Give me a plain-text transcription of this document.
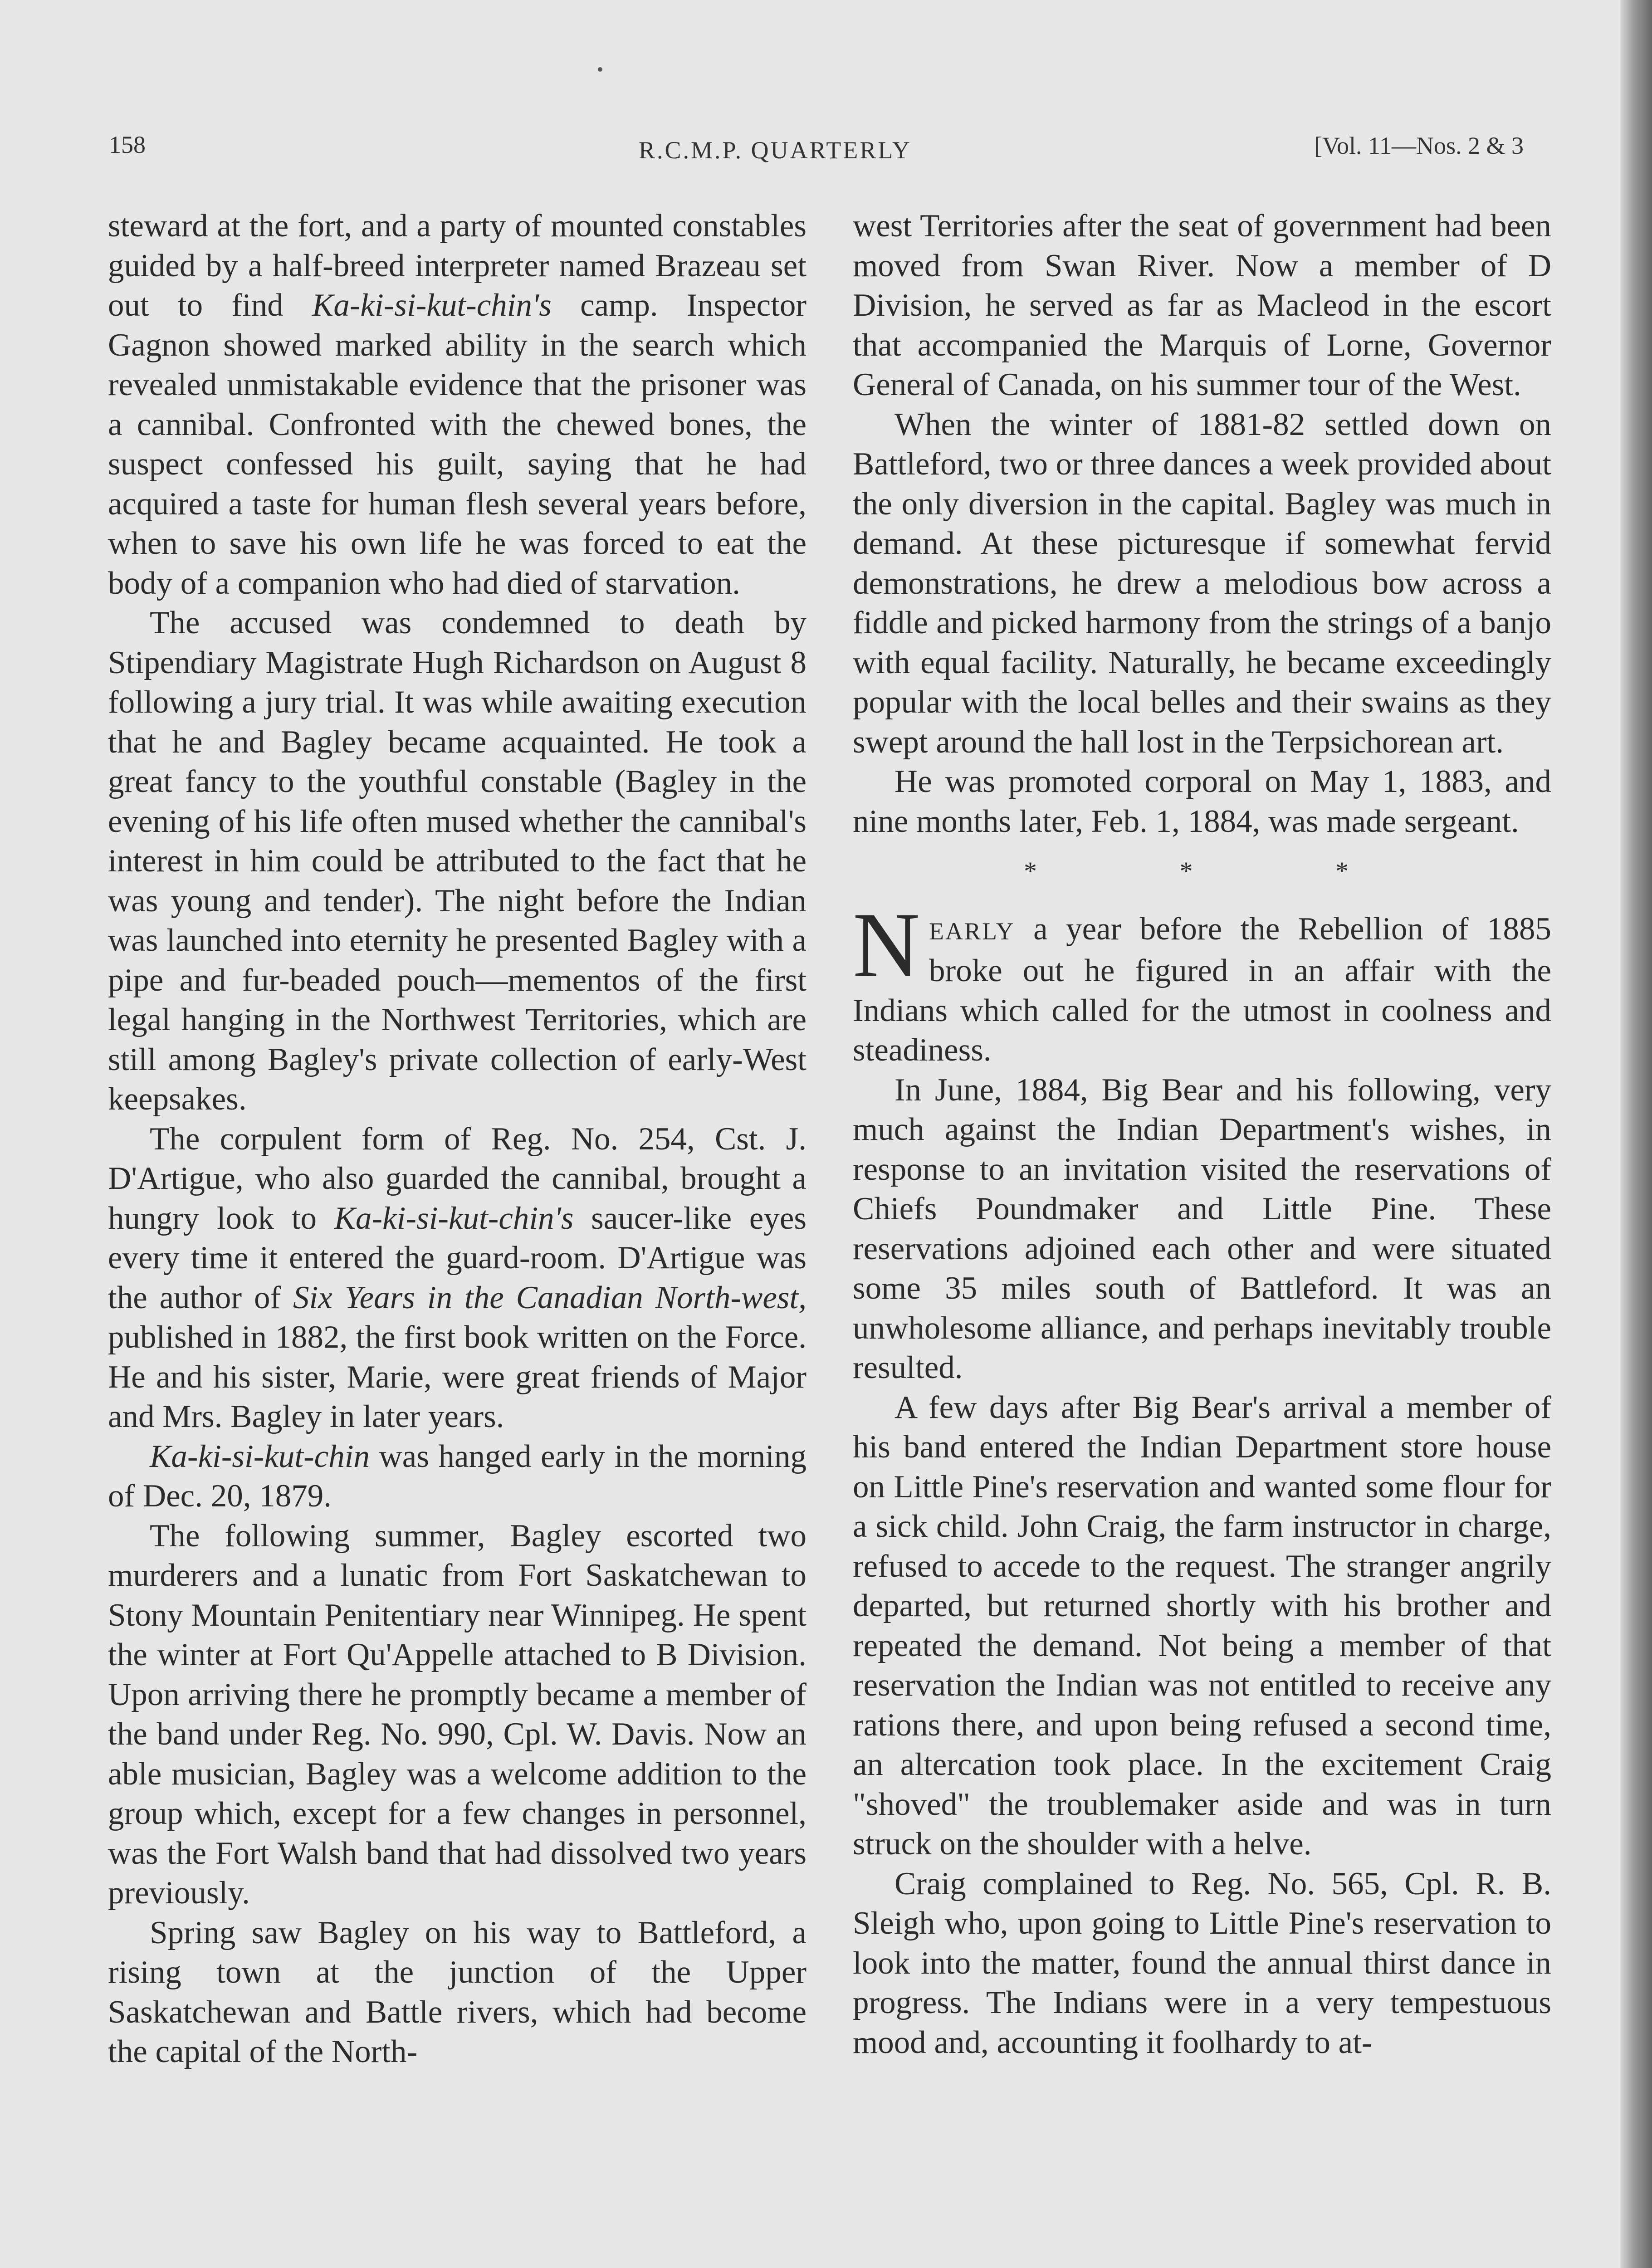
158	R.C.M.P. QUARTERLY	[Vol. 11—Nos. 2 & 3

steward at the fort, and a party of mounted constables guided by a half-breed interpreter named Brazeau set out to find Ka-ki-si-kut-chin's camp. Inspector Gagnon showed marked ability in the search which revealed unmistakable evidence that the prisoner was a cannibal. Confronted with the chewed bones, the suspect confessed his guilt, saying that he had acquired a taste for human flesh several years before, when to save his own life he was forced to eat the body of a companion who had died of starvation.

The accused was condemned to death by Stipendiary Magistrate Hugh Richardson on August 8 following a jury trial. It was while awaiting execution that he and Bagley became acquainted. He took a great fancy to the youthful constable (Bagley in the evening of his life often mused whether the cannibal's interest in him could be attributed to the fact that he was young and tender). The night before the Indian was launched into eternity he presented Bagley with a pipe and fur-beaded pouch—mementos of the first legal hanging in the Northwest Territories, which are still among Bagley's private collection of early-West keepsakes.

The corpulent form of Reg. No. 254, Cst. J. D'Artigue, who also guarded the cannibal, brought a hungry look to Ka-ki-si-kut-chin's saucer-like eyes every time it entered the guard-room. D'Artigue was the author of Six Years in the Canadian North-west, published in 1882, the first book written on the Force. He and his sister, Marie, were great friends of Major and Mrs. Bagley in later years.

Ka-ki-si-kut-chin was hanged early in the morning of Dec. 20, 1879.

The following summer, Bagley escorted two murderers and a lunatic from Fort Saskatchewan to Stony Mountain Penitentiary near Winnipeg. He spent the winter at Fort Qu'Appelle attached to B Division. Upon arriving there he promptly became a member of the band under Reg. No. 990, Cpl. W. Davis. Now an able musician, Bagley was a welcome addition to the group which, except for a few changes in personnel, was the Fort Walsh band that had dissolved two years previously.

Spring saw Bagley on his way to Battleford, a rising town at the junction of the Upper Saskatchewan and Battle rivers, which had become the capital of the North-

west Territories after the seat of government had been moved from Swan River. Now a member of D Division, he served as far as Macleod in the escort that accompanied the Marquis of Lorne, Governor General of Canada, on his summer tour of the West.

When the winter of 1881-82 settled down on Battleford, two or three dances a week provided about the only diversion in the capital. Bagley was much in demand. At these picturesque if somewhat fervid demonstrations, he drew a melodious bow across a fiddle and picked harmony from the strings of a banjo with equal facility. Naturally, he became exceedingly popular with the local belles and their swains as they swept around the hall lost in the Terpsichorean art.

He was promoted corporal on May 1, 1883, and nine months later, Feb. 1, 1884, was made sergeant.

* * *

NEARLY a year before the Rebellion of 1885 broke out he figured in an affair with the Indians which called for the utmost in coolness and steadiness.

In June, 1884, Big Bear and his following, very much against the Indian Department's wishes, in response to an invitation visited the reservations of Chiefs Poundmaker and Little Pine. These reservations adjoined each other and were situated some 35 miles south of Battleford. It was an unwholesome alliance, and perhaps inevitably trouble resulted.

A few days after Big Bear's arrival a member of his band entered the Indian Department store house on Little Pine's reservation and wanted some flour for a sick child. John Craig, the farm instructor in charge, refused to accede to the request. The stranger angrily departed, but returned shortly with his brother and repeated the demand. Not being a member of that reservation the Indian was not entitled to receive any rations there, and upon being refused a second time, an altercation took place. In the excitement Craig "shoved" the troublemaker aside and was in turn struck on the shoulder with a helve.

Craig complained to Reg. No. 565, Cpl. R. B. Sleigh who, upon going to Little Pine's reservation to look into the matter, found the annual thirst dance in progress. The Indians were in a very tempestuous mood and, accounting it foolhardy to at-
